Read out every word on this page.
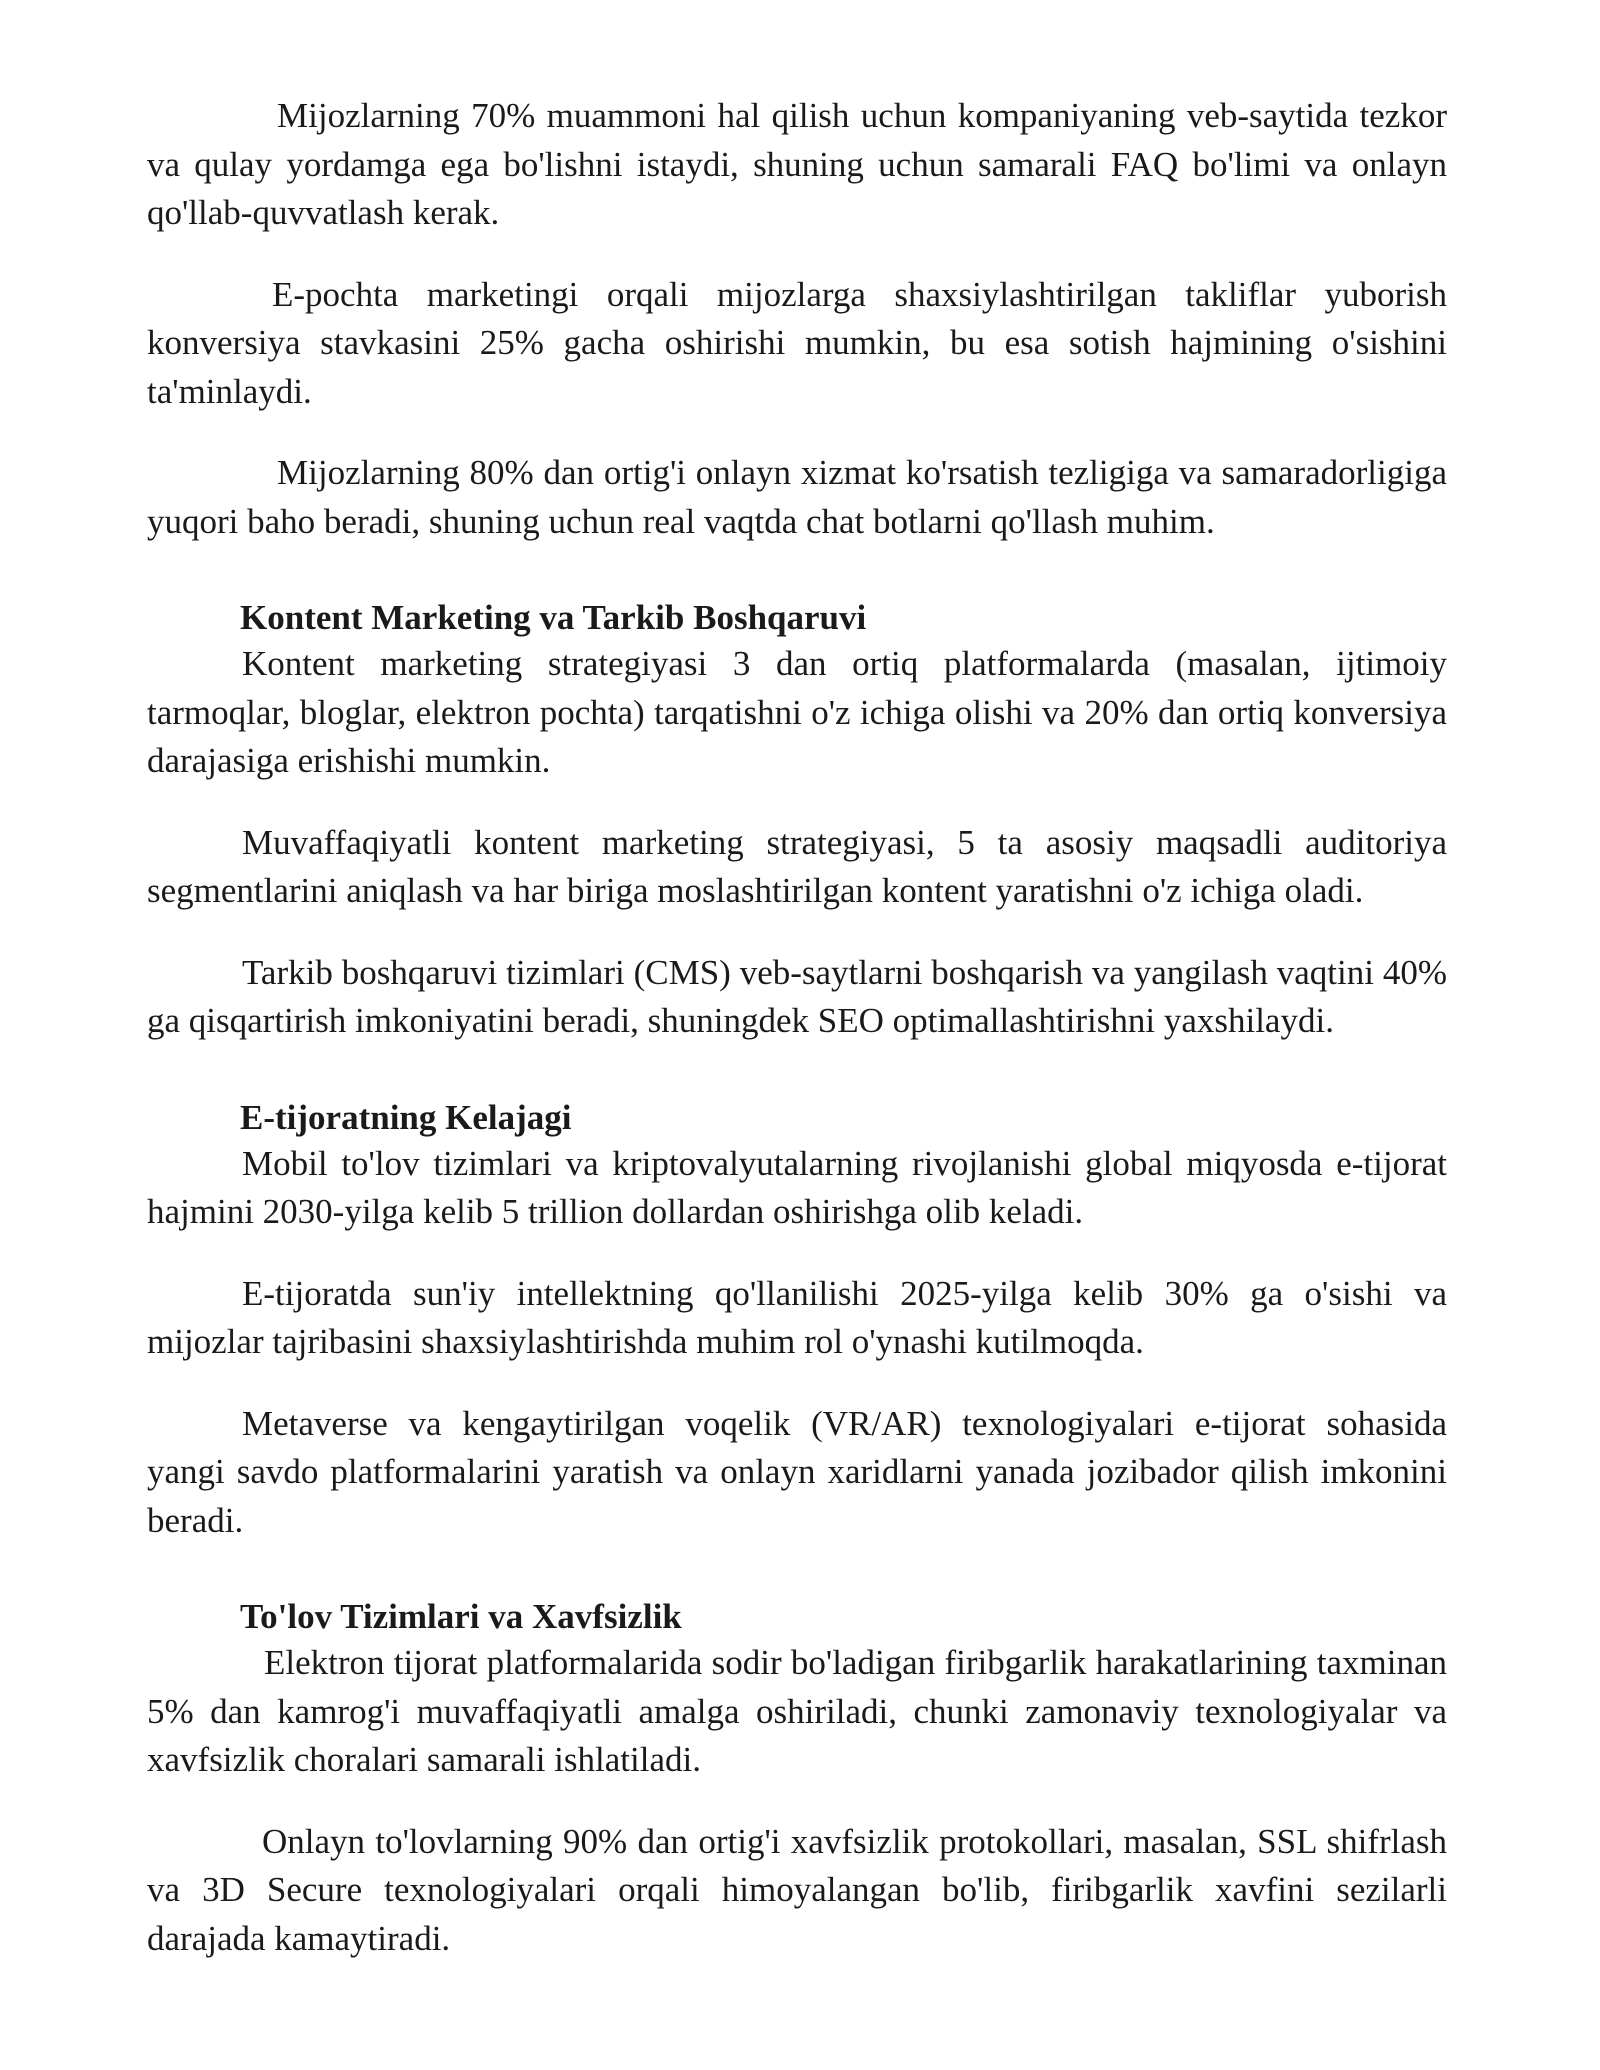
Mijozlarning 70% muammoni hal qilish uchun kompaniyaning veb-saytida tezkor va qulay yordamga ega bo'lishni istaydi, shuning uchun samarali FAQ bo'limi va onlayn qo'llab-quvvatlash kerak.

E-pochta marketingi orqali mijozlarga shaxsiylashtirilgan takliflar yuborish konversiya stavkasini 25% gacha oshirishi mumkin, bu esa sotish hajmining o'sishini ta'minlaydi.

Mijozlarning 80% dan ortig'i onlayn xizmat ko'rsatish tezligiga va samaradorligiga yuqori baho beradi, shuning uchun real vaqtda chat botlarni qo'llash muhim.

Kontent Marketing va Tarkib Boshqaruvi

Kontent marketing strategiyasi 3 dan ortiq platformalarda (masalan, ijtimoiy tarmoqlar, bloglar, elektron pochta) tarqatishni o'z ichiga olishi va 20% dan ortiq konversiya darajasiga erishishi mumkin.

Muvaffaqiyatli kontent marketing strategiyasi, 5 ta asosiy maqsadli auditoriya segmentlarini aniqlash va har biriga moslashtirilgan kontent yaratishni o'z ichiga oladi.

Tarkib boshqaruvi tizimlari (CMS) veb-saytlarni boshqarish va yangilash vaqtini 40% ga qisqartirish imkoniyatini beradi, shuningdek SEO optimallashtirishni yaxshilaydi.

E-tijoratning Kelajagi

Mobil to'lov tizimlari va kriptovalyutalarning rivojlanishi global miqyosda e-tijorat hajmini 2030-yilga kelib 5 trillion dollardan oshirishga olib keladi.

E-tijoratda sun'iy intellektning qo'llanilishi 2025-yilga kelib 30% ga o'sishi va mijozlar tajribasini shaxsiylashtirishda muhim rol o'ynashi kutilmoqda.

Metaverse va kengaytirilgan voqelik (VR/AR) texnologiyalari e-tijorat sohasida yangi savdo platformalarini yaratish va onlayn xaridlarni yanada jozibador qilish imkonini beradi.

To'lov Tizimlari va Xavfsizlik

Elektron tijorat platformalarida sodir bo'ladigan firibgarlik harakatlarining taxminan 5% dan kamrog'i muvaffaqiyatli amalga oshiriladi, chunki zamonaviy texnologiyalar va xavfsizlik choralari samarali ishlatiladi.

Onlayn to'lovlarning 90% dan ortig'i xavfsizlik protokollari, masalan, SSL shifrlash va 3D Secure texnologiyalari orqali himoyalangan bo'lib, firibgarlik xavfini sezilarli darajada kamaytiradi.
